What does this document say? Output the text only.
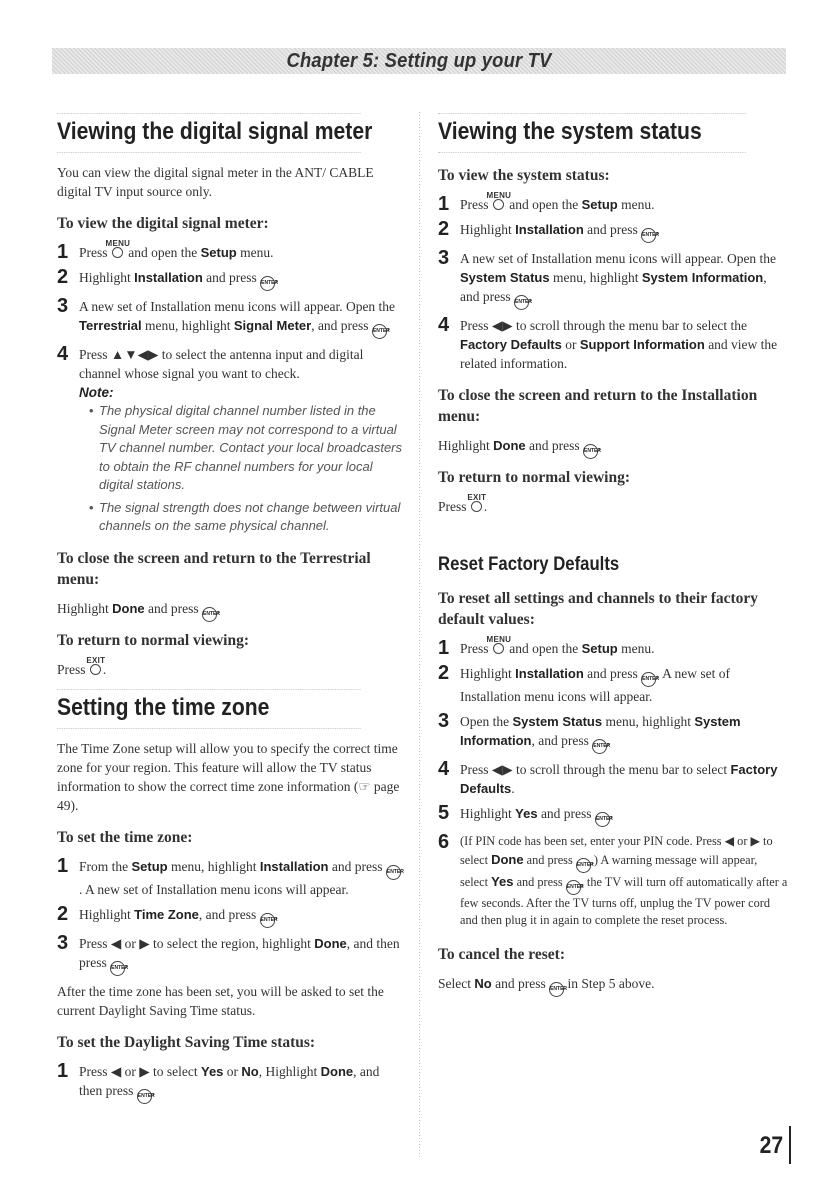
Chapter 5: Setting up your TV
Viewing the digital signal meter

You can view the digital signal meter in the ANT/ CABLE digital TV input source only.

To view the digital signal meter:
1 Press
MENU
and open the Setup menu.
2 Highlight Installation and press ENTER.
3 A new set of Installation menu icons will appear. Open the Terrestrial menu, highlight Signal Meter, and press ENTER.
4 Press ▲▼◀▶ to select the antenna input and digital channel whose signal you want to check.
Note:
• The physical digital channel number listed in the Signal Meter screen may not correspond to a virtual TV channel number. Contact your local broadcasters to obtain the RF channel numbers for your local digital stations.
• The signal strength does not change between virtual channels on the same physical channel.
To close the screen and return to the Terrestrial menu:

Highlight Done and press ENTER.

To return to normal viewing:

Press
EXIT
.

Setting the time zone

The Time Zone setup will allow you to specify the correct time zone for your region. This feature will allow the TV status information to show the correct time zone information (☞ page 49).

To set the time zone:
1 From the Setup menu, highlight Installation and press ENTER. A new set of Installation menu icons will appear.
2 Highlight Time Zone, and press ENTER.
3 Press ◀ or ▶ to select the region, highlight Done, and then press ENTER.

After the time zone has been set, you will be asked to set the current Daylight Saving Time status.

To set the Daylight Saving Time status:
1 Press ◀ or ▶ to select Yes or No, Highlight Done, and then press ENTER.
Viewing the system status
To view the system status:
1 Press
MENU
and open the Setup menu.
2 Highlight Installation and press ENTER.
3 A new set of Installation menu icons will appear. Open the System Status menu, highlight System Information, and press ENTER.
4 Press ◀▶ to scroll through the menu bar to select the Factory Defaults or Support Information and view the related information.
To close the screen and return to the Installation menu:

Highlight Done and press ENTER.

To return to normal viewing:

Press
EXIT
.

Reset Factory Defaults
To reset all settings and channels to their factory default values:
1 Press
MENU
and open the Setup menu.
2 Highlight Installation and press ENTER. A new set of Installation menu icons will appear.
3 Open the System Status menu, highlight System Information, and press ENTER.
4 Press ◀▶ to scroll through the menu bar to select Factory Defaults.
5 Highlight Yes and press ENTER.
6 (If PIN code has been set, enter your PIN code. Press ◀ or ▶ to select Done and press ENTER.) A warning message will appear, select Yes and press ENTER, the TV will turn off automatically after a few seconds. After the TV turns off, unplug the TV power cord and then plug it in again to complete the reset process.
To cancel the reset:

Select No and press ENTER in Step 5 above.

27
